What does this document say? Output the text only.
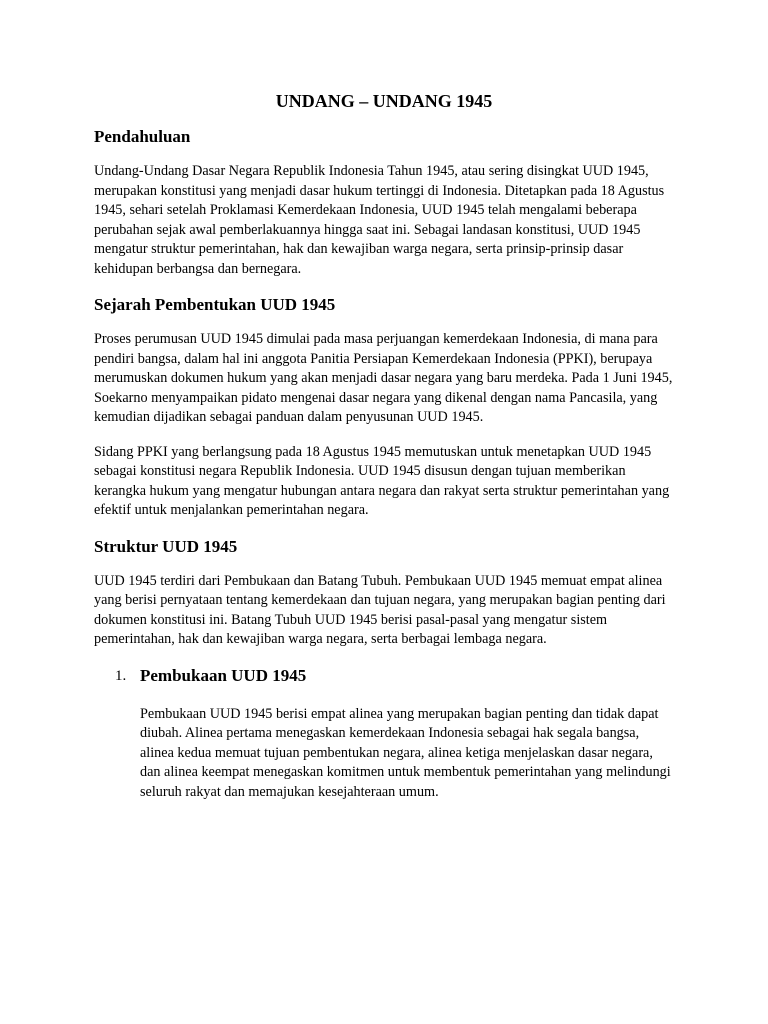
UNDANG – UNDANG 1945
Pendahuluan

Undang-Undang Dasar Negara Republik Indonesia Tahun 1945, atau sering disingkat UUD 1945, merupakan konstitusi yang menjadi dasar hukum tertinggi di Indonesia. Ditetapkan pada 18 Agustus 1945, sehari setelah Proklamasi Kemerdekaan Indonesia, UUD 1945 telah mengalami beberapa perubahan sejak awal pemberlakuannya hingga saat ini. Sebagai landasan konstitusi, UUD 1945 mengatur struktur pemerintahan, hak dan kewajiban warga negara, serta prinsip-prinsip dasar kehidupan berbangsa dan bernegara.

Sejarah Pembentukan UUD 1945

Proses perumusan UUD 1945 dimulai pada masa perjuangan kemerdekaan Indonesia, di mana para pendiri bangsa, dalam hal ini anggota Panitia Persiapan Kemerdekaan Indonesia (PPKI), berupaya merumuskan dokumen hukum yang akan menjadi dasar negara yang baru merdeka. Pada 1 Juni 1945, Soekarno menyampaikan pidato mengenai dasar negara yang dikenal dengan nama Pancasila, yang kemudian dijadikan sebagai panduan dalam penyusunan UUD 1945.

Sidang PPKI yang berlangsung pada 18 Agustus 1945 memutuskan untuk menetapkan UUD 1945 sebagai konstitusi negara Republik Indonesia. UUD 1945 disusun dengan tujuan memberikan kerangka hukum yang mengatur hubungan antara negara dan rakyat serta struktur pemerintahan yang efektif untuk menjalankan pemerintahan negara.

Struktur UUD 1945

UUD 1945 terdiri dari Pembukaan dan Batang Tubuh. Pembukaan UUD 1945 memuat empat alinea yang berisi pernyataan tentang kemerdekaan dan tujuan negara, yang merupakan bagian penting dari dokumen konstitusi ini. Batang Tubuh UUD 1945 berisi pasal-pasal yang mengatur sistem pemerintahan, hak dan kewajiban warga negara, serta berbagai lembaga negara.

1. Pembukaan UUD 1945

Pembukaan UUD 1945 berisi empat alinea yang merupakan bagian penting dan tidak dapat diubah. Alinea pertama menegaskan kemerdekaan Indonesia sebagai hak segala bangsa, alinea kedua memuat tujuan pembentukan negara, alinea ketiga menjelaskan dasar negara, dan alinea keempat menegaskan komitmen untuk membentuk pemerintahan yang melindungi seluruh rakyat dan memajukan kesejahteraan umum.
